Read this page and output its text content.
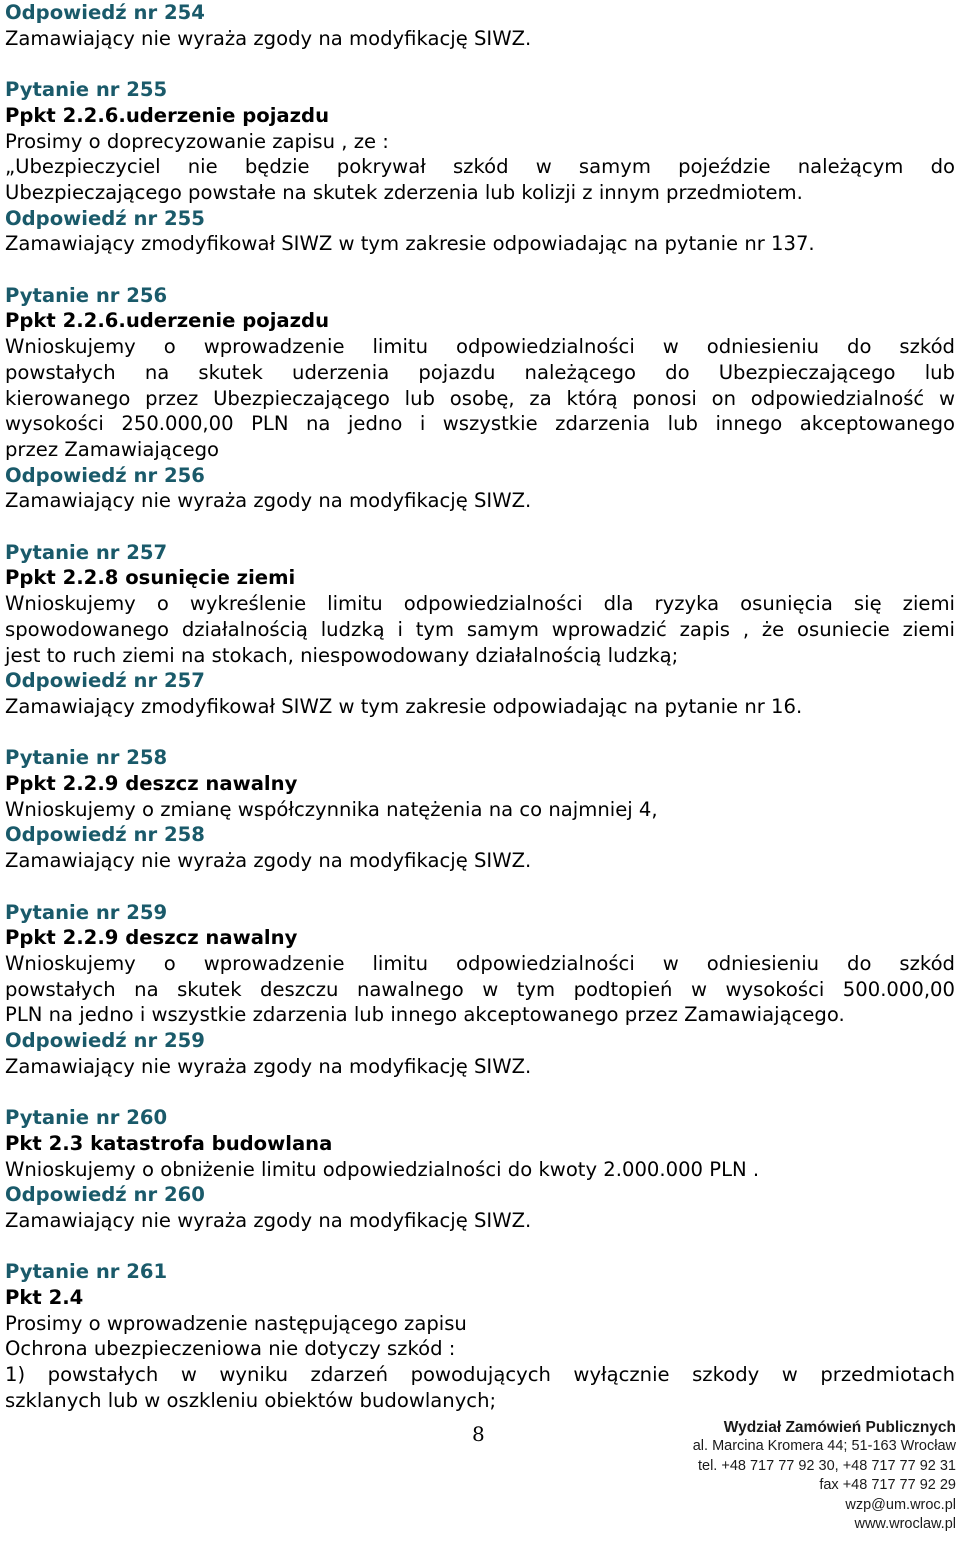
Odpowiedź nr 254

Zamawiający nie wyraża zgody na modyfikację SIWZ.

Pytanie nr 255

Ppkt 2.2.6.uderzenie pojazdu

Prosimy o doprecyzowanie zapisu , ze :

„Ubezpieczyciel nie będzie pokrywał szkód w samym pojeździe należącym do

Ubezpieczającego powstałe na skutek zderzenia lub kolizji z innym przedmiotem.

Odpowiedź nr 255

Zamawiający zmodyfikował SIWZ w tym zakresie odpowiadając na pytanie nr 137.

Pytanie nr 256

Ppkt 2.2.6.uderzenie pojazdu

Wnioskujemy o wprowadzenie limitu odpowiedzialności w odniesieniu do szkód

powstałych na skutek uderzenia pojazdu należącego do Ubezpieczającego lub

kierowanego przez Ubezpieczającego lub osobę, za którą ponosi on odpowiedzialność w

wysokości 250.000,00 PLN na jedno i wszystkie zdarzenia lub innego akceptowanego

przez Zamawiającego

Odpowiedź nr 256

Zamawiający nie wyraża zgody na modyfikację SIWZ.

Pytanie nr 257

Ppkt 2.2.8 osunięcie ziemi

Wnioskujemy o wykreślenie limitu odpowiedzialności dla ryzyka osunięcia się ziemi

spowodowanego działalnością ludzką i tym samym wprowadzić zapis , że osuniecie ziemi

jest to ruch ziemi na stokach, niespowodowany działalnością ludzką;

Odpowiedź nr 257

Zamawiający zmodyfikował SIWZ w tym zakresie odpowiadając na pytanie nr 16.

Pytanie nr 258

Ppkt 2.2.9 deszcz nawalny

Wnioskujemy o zmianę współczynnika natężenia na co najmniej 4,

Odpowiedź nr 258

Zamawiający nie wyraża zgody na modyfikację SIWZ.

Pytanie nr 259

Ppkt 2.2.9 deszcz nawalny

Wnioskujemy o wprowadzenie limitu odpowiedzialności w odniesieniu do szkód

powstałych na skutek deszczu nawalnego w tym podtopień w wysokości 500.000,00

PLN na jedno i wszystkie zdarzenia lub innego akceptowanego przez Zamawiającego.

Odpowiedź nr 259

Zamawiający nie wyraża zgody na modyfikację SIWZ.

Pytanie nr 260

Pkt 2.3 katastrofa budowlana

Wnioskujemy o obniżenie limitu odpowiedzialności do kwoty 2.000.000 PLN .

Odpowiedź nr 260

Zamawiający nie wyraża zgody na modyfikację SIWZ.

Pytanie nr 261

Pkt 2.4

Prosimy o wprowadzenie następującego zapisu

Ochrona ubezpieczeniowa nie dotyczy szkód :

1) powstałych w wyniku zdarzeń powodujących wyłącznie szkody w przedmiotach

szklanych lub w oszkleniu obiektów budowlanych;

8	Wydział Zamówień Publicznych
al. Marcina Kromera 44; 51-163 Wrocław
tel. +48 717 77 92 30, +48 717 77 92 31
fax +48 717 77 92 29
wzp@um.wroc.pl
www.wroclaw.pl
